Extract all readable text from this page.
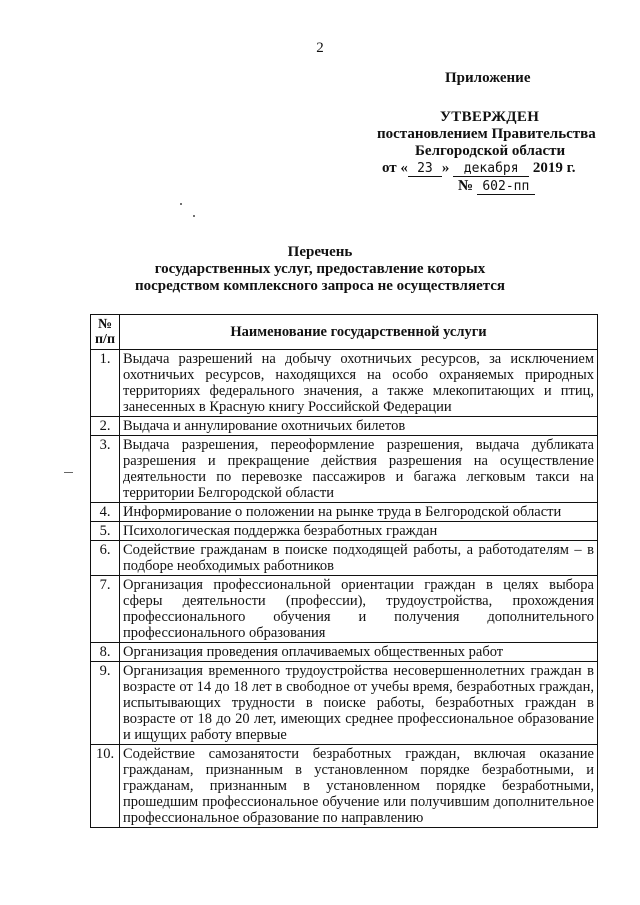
2
Приложение
УТВЕРЖДЕН
постановлением Правительства
Белгородской области
от « 23 » декабря 2019 г.
№ 602-пп
Перечень
государственных услуг, предоставление которых
посредством комплексного запроса не осуществляется
№ п/п	Наименование государственной услуги
1.	Выдача разрешений на добычу охотничьих ресурсов, за исключением охотничьих ресурсов, находящихся на особо охраняемых природных территориях федерального значения, а также млекопитающих и птиц, занесенных в Красную книгу Российской Федерации
2.	Выдача и аннулирование охотничьих билетов
3.	Выдача разрешения, переоформление разрешения, выдача дубликата разрешения и прекращение действия разрешения на осуществление деятельности по перевозке пассажиров и багажа легковым такси на территории Белгородской области
4.	Информирование о положении на рынке труда в Белгородской области
5.	Психологическая поддержка безработных граждан
6.	Содействие гражданам в поиске подходящей работы, а работодателям – в подборе необходимых работников
7.	Организация профессиональной ориентации граждан в целях выбора сферы деятельности (профессии), трудоустройства, прохождения профессионального обучения и получения дополнительного профессионального образования
8.	Организация проведения оплачиваемых общественных работ
9.	Организация временного трудоустройства несовершеннолетних граждан в возрасте от 14 до 18 лет в свободное от учебы время, безработных граждан, испытывающих трудности в поиске работы, безработных граждан в возрасте от 18 до 20 лет, имеющих среднее профессиональное образование и ищущих работу впервые
10.	Содействие самозанятости безработных граждан, включая оказание гражданам, признанным в установленном порядке безработными, и гражданам, признанным в установленном порядке безработными, прошедшим профессиональное обучение или получившим дополнительное профессиональное образование по направлению
